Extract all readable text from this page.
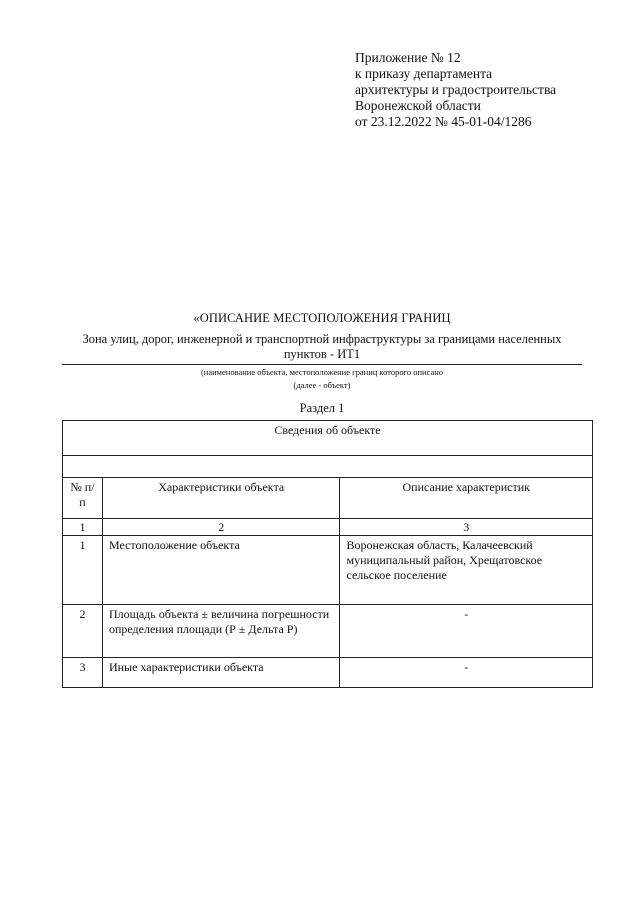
Приложение № 12
к приказу департамента
архитектуры и градостроительства
Воронежской области
от 23.12.2022 № 45-01-04/1286
«ОПИСАНИЕ МЕСТОПОЛОЖЕНИЯ ГРАНИЦ
Зона улиц, дорог, инженерной и транспортной инфраструктуры за границами населенных пунктов - ИТ1
(наименование объекта, местоположение границ которого описано
(далее - объект)
Раздел 1
Сведения об объекте		

№ п/п	Характеристики объекта	Описание характеристик
1	2	3
1	Местоположение объекта	Воронежская область, Калачеевский муниципальный район, Хрещатовское сельское поселение
2	Площадь объекта ± величина погрешности определения площади (Р ± Дельта Р)	-
3	Иные характеристики объекта	-
